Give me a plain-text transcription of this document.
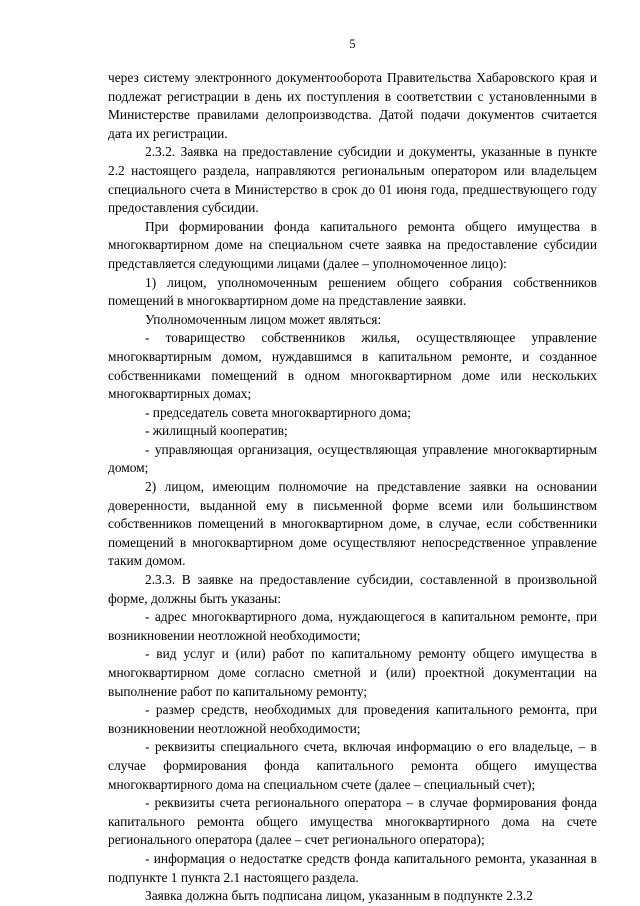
5

через систему электронного документооборота Правительства Хабаровского края и подлежат регистрации в день их поступления в соответствии с установленными в Министерстве правилами делопроизводства. Датой подачи документов считается дата их регистрации.

2.3.2. Заявка на предоставление субсидии и документы, указанные в пункте 2.2 настоящего раздела, направляются региональным оператором или владельцем специального счета в Министерство в срок до 01 июня года, предшествующего году предоставления субсидии.

При формировании фонда капитального ремонта общего имущества в многоквартирном доме на специальном счете заявка на предоставление субсидии представляется следующими лицами (далее – уполномоченное лицо):

1) лицом, уполномоченным решением общего собрания собственников помещений в многоквартирном доме на представление заявки.

Уполномоченным лицом может являться:

- товарищество собственников жилья, осуществляющее управление многоквартирным домом, нуждавшимся в капитальном ремонте, и созданное собственниками помещений в одном многоквартирном доме или нескольких многоквартирных домах;

- председатель совета многоквартирного дома;

- жилищный кооператив;

- управляющая организация, осуществляющая управление многоквартирным домом;

2) лицом, имеющим полномочие на представление заявки на основании доверенности, выданной ему в письменной форме всеми или большинством собственников помещений в многоквартирном доме, в случае, если собственники помещений в многоквартирном доме осуществляют непосредственное управление таким домом.

2.3.3. В заявке на предоставление субсидии, составленной в произвольной форме, должны быть указаны:

- адрес многоквартирного дома, нуждающегося в капитальном ремонте, при возникновении неотложной необходимости;

- вид услуг и (или) работ по капитальному ремонту общего имущества в многоквартирном доме согласно сметной и (или) проектной документации на выполнение работ по капитальному ремонту;

- размер средств, необходимых для проведения капитального ремонта, при возникновении неотложной необходимости;

- реквизиты специального счета, включая информацию о его владельце, – в случае формирования фонда капитального ремонта общего имущества многоквартирного дома на специальном счете (далее – специальный счет);

- реквизиты счета регионального оператора – в случае формирования фонда капитального ремонта общего имущества многоквартирного дома на счете регионального оператора (далее – счет регионального оператора);

- информация о недостатке средств фонда капитального ремонта, указанная в подпункте 1 пункта 2.1 настоящего раздела.

Заявка должна быть подписана лицом, указанным в подпункте 2.3.2
